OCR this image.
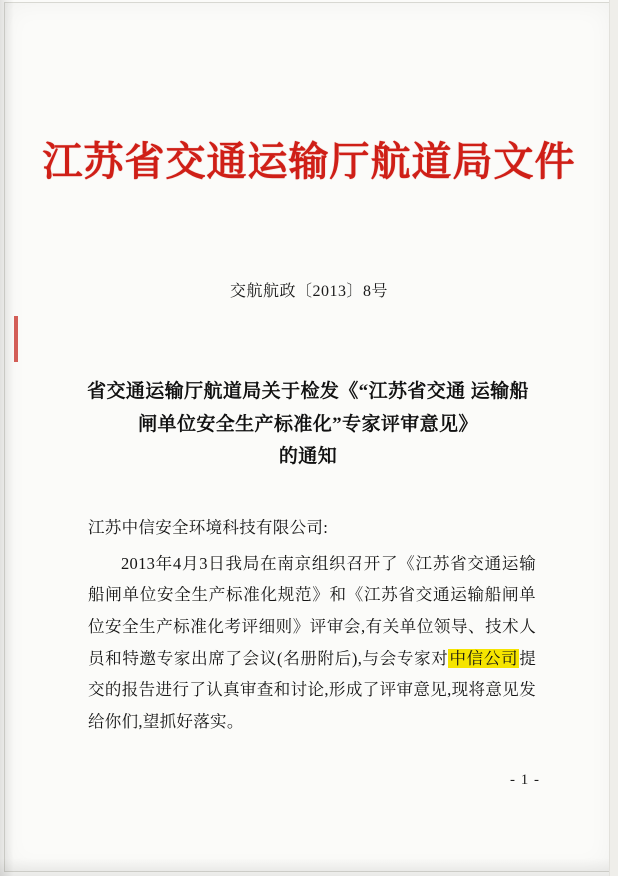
江苏省交通运输厅航道局文件
交航航政〔2013〕8号
省交通运输厅航道局关于检发《“江苏省交通 运输船闸单位安全生产标准化”专家评审意见》
的通知

江苏中信安全环境科技有限公司:

2013年4月3日我局在南京组织召开了《江苏省交通运输船闸单位安全生产标准化规范》和《江苏省交通运输船闸单位安全生产标准化考评细则》评审会,有关单位领导、技术人员和特邀专家出席了会议(名册附后),与会专家对中信公司提交的报告进行了认真审查和讨论,形成了评审意见,现将意见发给你们,望抓好落实。

- 1 -
